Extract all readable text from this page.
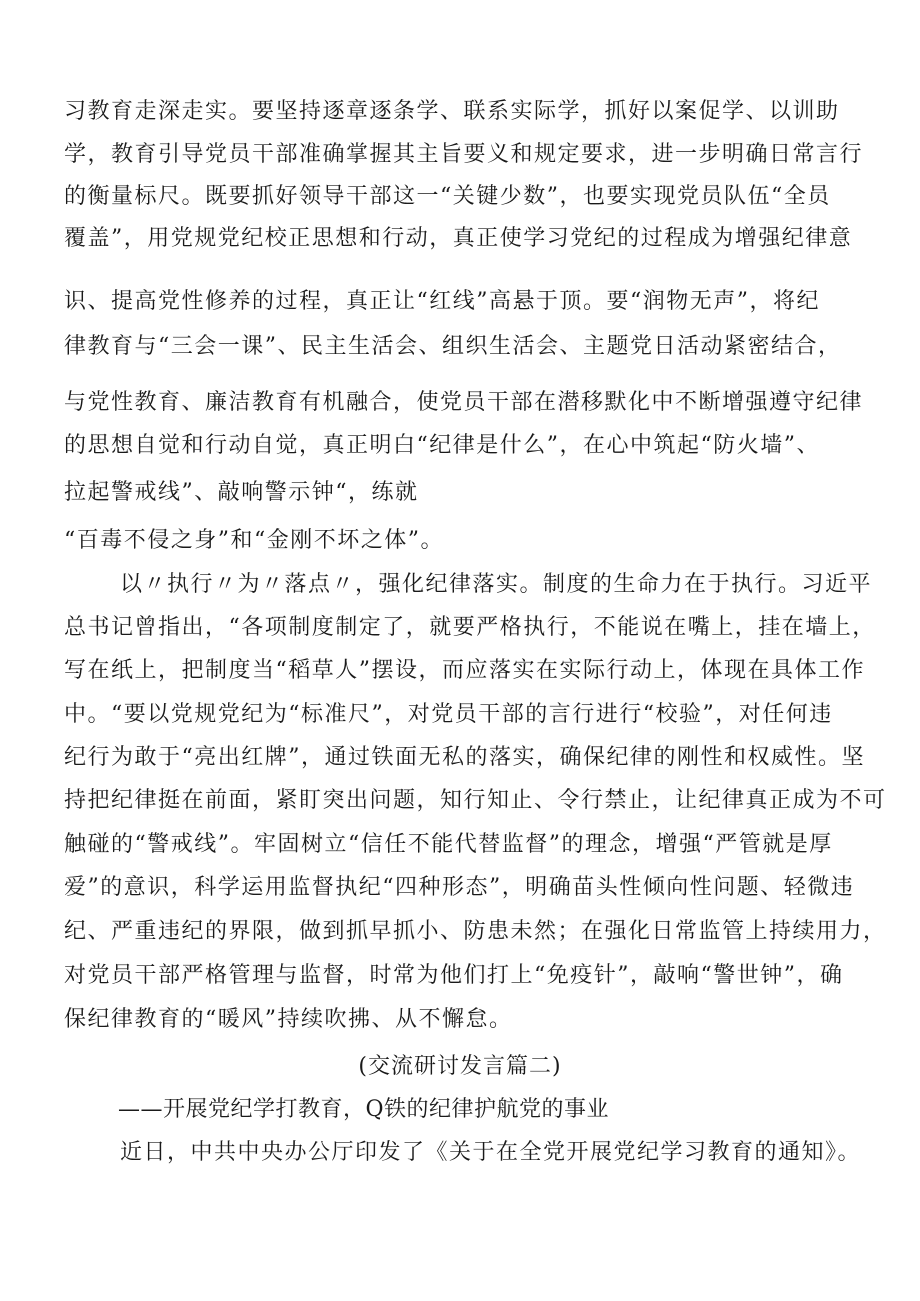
习教育走深走实。要坚持逐章逐条学、联系实际学，抓好以案促学、以训助
学，教育引导党员干部准确掌握其主旨要义和规定要求，进一步明确日常言行
的衡量标尺。既要抓好领导干部这一“关键少数”，也要实现党员队伍“全员
覆盖”，用党规党纪校正思想和行动，真正使学习党纪的过程成为增强纪律意
识、提高党性修养的过程，真正让“红线”高悬于顶。要“润物无声”，将纪
律教育与“三会一课”、民主生活会、组织生活会、主题党日活动紧密结合，
与党性教育、廉洁教育有机融合，使党员干部在潜移默化中不断增强遵守纪律
的思想自觉和行动自觉，真正明白“纪律是什么”，在心中筑起“防火墙”、
拉起警戒线”、敲响警示钟“，练就
“百毒不侵之身”和“金刚不坏之体”。
以〃执行〃为〃落点〃，强化纪律落实。制度的生命力在于执行。习近平
总书记曾指出，“各项制度制定了，就要严格执行，不能说在嘴上，挂在墙上，
写在纸上，把制度当“稻草人”摆设，而应落实在实际行动上，体现在具体工作
中。“要以党规党纪为“标准尺”，对党员干部的言行进行“校验”，对任何违
纪行为敢于“亮出红牌”，通过铁面无私的落实，确保纪律的刚性和权威性。坚
持把纪律挺在前面，紧盯突出问题，知行知止、令行禁止，让纪律真正成为不可
触碰的“警戒线”。牢固树立“信任不能代替监督”的理念，增强“严管就是厚
爱”的意识，科学运用监督执纪“四种形态”，明确苗头性倾向性问题、轻微违
纪、严重违纪的界限，做到抓早抓小、防患未然；在强化日常监管上持续用力，
对党员干部严格管理与监督，时常为他们打上“免疫针”，敲响“警世钟”，确
保纪律教育的“暖风”持续吹拂、从不懈怠。
(交流研讨发言篇二)
——开展党纪学打教育，Q铁的纪律护航党的事业
近日，中共中央办公厅印发了《关于在全党开展党纪学习教育的通知》。
